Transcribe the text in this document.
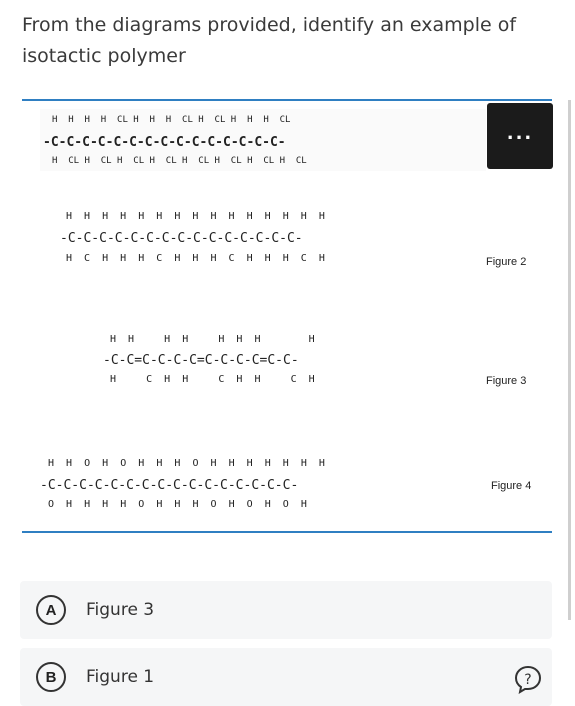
From the diagrams provided, identify an example of isotactic polymer
H  H  H  H  CL H  H  H  CL H  CL H  H  H  CL
-C-C-C-C-C-C-C-C-C-C-C-C-C-C-C-
H  CL H  CL H  CL H  CL H  CL H  CL H  CL H  CL
...
H  H  H  H  H  H  H  H  H  H  H  H  H  H  H
-C-C-C-C-C-C-C-C-C-C-C-C-C-C-C-
H  C  H  H  H  C  H  H  H  C  H  H  H  C  H	Figure 2
H  H     H  H     H  H  H        H
-C-C=C-C-C-C=C-C-C-C=C-C-
H     C  H  H     C  H  H     C  H	Figure 3
H  H  O  H  O  H  H  H  O  H  H  H  H  H  H  H
-C-C-C-C-C-C-C-C-C-C-C-C-C-C-C-C-
O  H  H  H  H  O  H  H  H  O  H  O  H  O  H
Figure 4
A	Figure 3
B	Figure 1	?
